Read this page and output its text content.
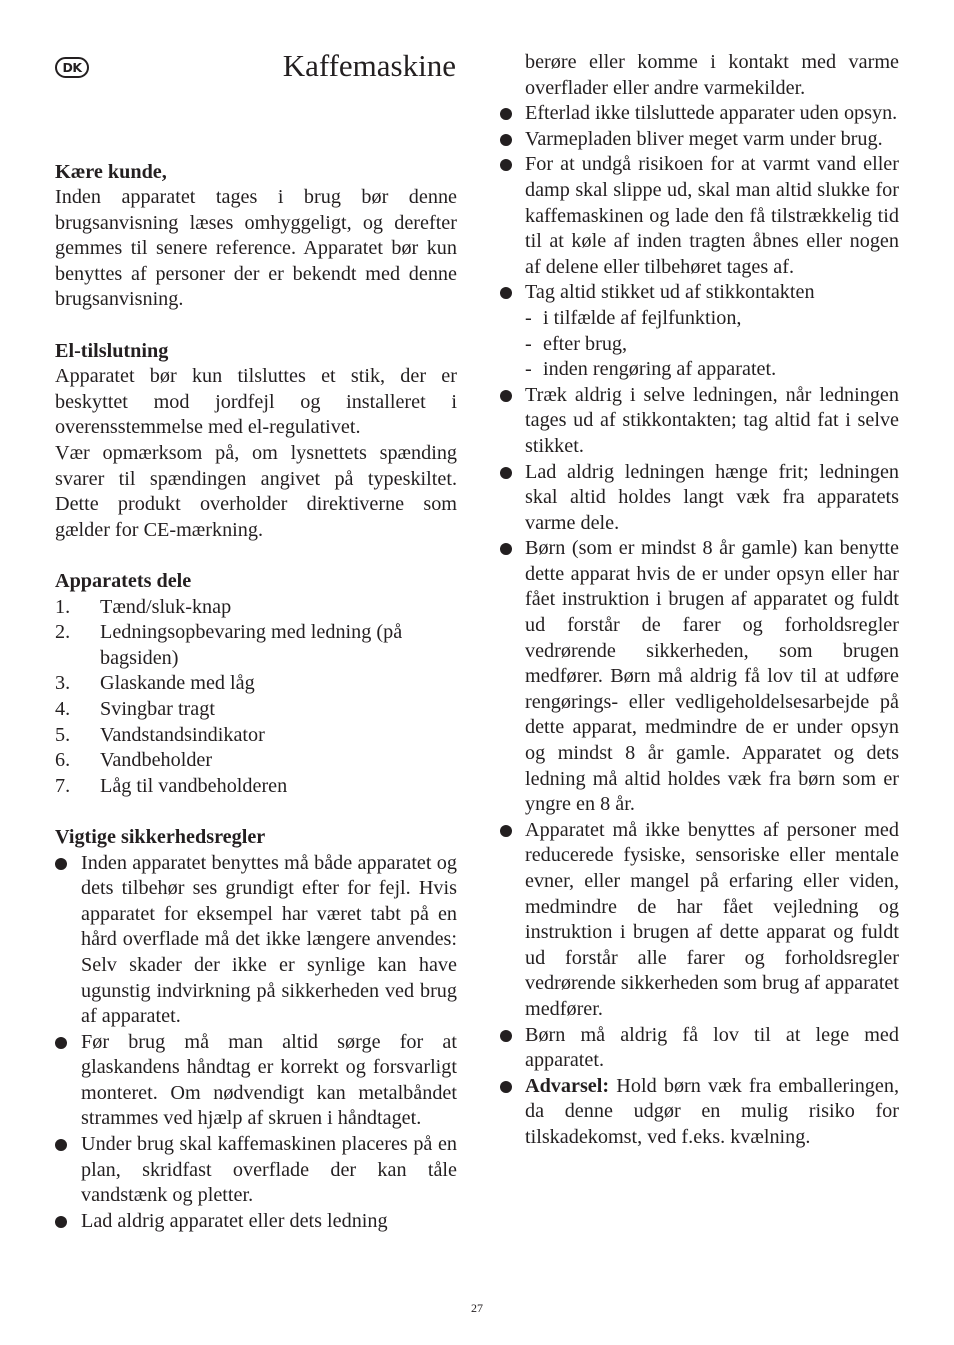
DK	Kaffemaskine

Kære kunde,

Inden apparatet tages i brug bør denne brugsanvisning læses omhyggeligt, og derefter gemmes til senere reference. Apparatet bør kun benyttes af personer der er bekendt med denne brugsanvisning.

El-tilslutning

Apparatet bør kun tilsluttes et stik, der er beskyttet mod jordfejl og installeret i overensstemmelse med el-regulativet.

Vær opmærksom på, om lysnettets spænding svarer til spændingen angivet på typeskiltet. Dette produkt overholder direktiverne som gælder for CE-mærkning.

Apparatets dele

1. Tænd/sluk-knap
2. Ledningsopbevaring med ledning (på bagsiden)
3. Glaskande med låg
4. Svingbar tragt
5. Vandstandsindikator
6. Vandbeholder
7. Låg til vandbeholderen

Vigtige sikkerhedsregler

Inden apparatet benyttes må både apparatet og dets tilbehør ses grundigt efter for fejl. Hvis apparatet for eksempel har været tabt på en hård overflade må det ikke længere anvendes: Selv skader der ikke er synlige kan have ugunstig indvirkning på sikkerheden ved brug af apparatet.
Før brug må man altid sørge for at glaskandens håndtag er korrekt og forsvarligt monteret. Om nødvendigt kan metalbåndet strammes ved hjælp af skruen i håndtaget.
Under brug skal kaffemaskinen placeres på en plan, skridfast overflade der kan tåle vandstænk og pletter.
Lad aldrig apparatet eller dets ledning

berøre eller komme i kontakt med varme overflader eller andre varmekilder.

Efterlad ikke tilsluttede apparater uden opsyn.
Varmepladen bliver meget varm under brug.
For at undgå risikoen for at varmt vand eller damp skal slippe ud, skal man altid slukke for kaffemaskinen og lade den få tilstrækkelig tid til at køle af inden tragten åbnes eller nogen af delene eller tilbehøret tages af.
Tag altid stikket ud af stikkontakten

- i tilfælde af fejlfunktion,

- efter brug,

- inden rengøring af apparatet.

Træk aldrig i selve ledningen, når ledningen tages ud af stikkontakten; tag altid fat i selve stikket.
Lad aldrig ledningen hænge frit; ledningen skal altid holdes langt væk fra apparatets varme dele.
Børn (som er mindst 8 år gamle) kan benytte dette apparat hvis de er under opsyn eller har fået instruktion i brugen af apparatet og fuldt ud forstår de farer og forholdsregler vedrørende sikkerheden, som brugen medfører. Børn må aldrig få lov til at udføre rengørings- eller vedligeholdelsesarbejde på dette apparat, medmindre de er under opsyn og mindst 8 år gamle. Apparatet og dets ledning må altid holdes væk fra børn som er yngre en 8 år.
Apparatet må ikke benyttes af personer med reducerede fysiske, sensoriske eller mentale evner, eller mangel på erfaring eller viden, medmindre de har fået vejledning og instruktion i brugen af dette apparat og fuldt ud forstår alle farer og forholdsregler vedrørende sikkerheden som brug af apparatet medfører.
Børn må aldrig få lov til at lege med apparatet.
Advarsel: Hold børn væk fra emballeringen, da denne udgør en mulig risiko for tilskadekomst, ved f.eks. kvælning.
27
